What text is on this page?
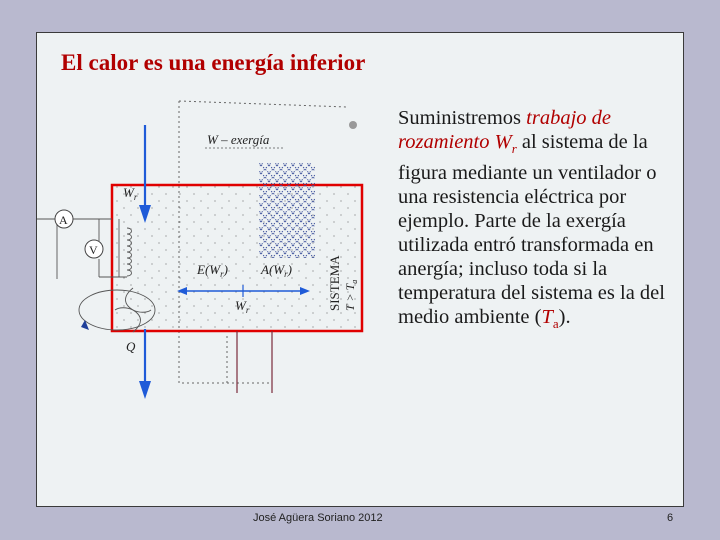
El calor es una energía inferior
W – exergía
$W_r$
Q
A
V
$E(W_r)$	$A(W_r)$
$W_r$	SISTEMA $T > T_a$
Suministremos trabajo de rozamiento $W_r$ al sistema de la figura mediante un ventilador o una resistencia eléctrica por ejemplo. Parte de la exergía utilizada entró transformada en anergía; incluso toda si la temperatura del sistema es la del medio ambiente $(T_a)$.
José Agüera Soriano 2012	6
